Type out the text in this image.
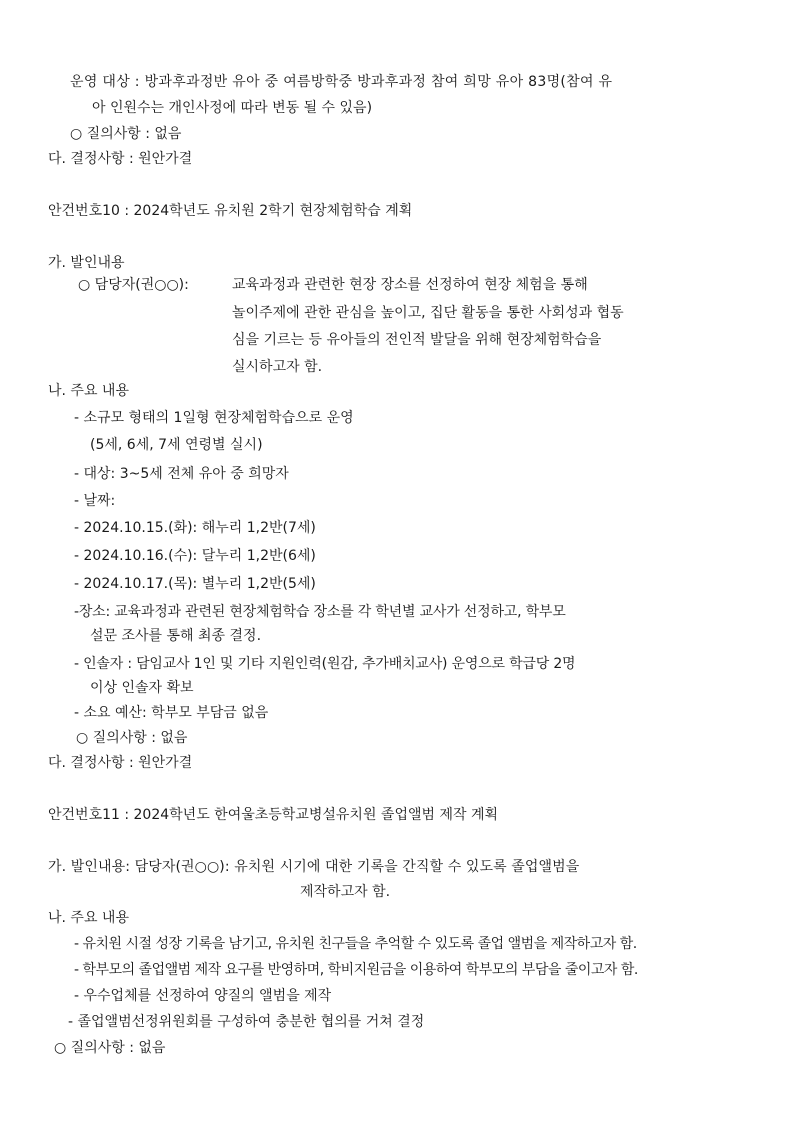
운영 대상 : 방과후과정반 유아 중 여름방학중 방과후과정 참여 희망 유아 83명(참여 유
아 인원수는 개인사정에 따라 변동 될 수 있음)
○ 질의사항 : 없음
다. 결정사항 : 원안가결
안건번호10 : 2024학년도 유치원 2학기 현장체험학습 계획
가. 발인내용
○ 담당자(권○○):	교육과정과 관련한 현장 장소를 선정하여 현장 체험을 통해
놀이주제에 관한 관심을 높이고, 집단 활동을 통한 사회성과 협동
심을 기르는 등 유아들의 전인적 발달을 위해 현장체험학습을
실시하고자 함.
나. 주요 내용
- 소규모 형태의 1일형 현장체험학습으로 운영
(5세, 6세, 7세 연령별 실시)
- 대상: 3~5세 전체 유아 중 희망자
- 날짜:
- 2024.10.15.(화): 해누리 1,2반(7세)
- 2024.10.16.(수): 달누리 1,2반(6세)
- 2024.10.17.(목): 별누리 1,2반(5세)
-장소: 교육과정과 관련된 현장체험학습 장소를 각 학년별 교사가 선정하고, 학부모
설문 조사를 통해 최종 결정.
- 인솔자 : 담임교사 1인 및 기타 지원인력(원감, 추가배치교사) 운영으로 학급당 2명
이상 인솔자 확보
- 소요 예산: 학부모 부담금 없음
○ 질의사항 : 없음
다. 결정사항 : 원안가결
안건번호11 : 2024학년도 한여울초등학교병설유치원 졸업앨범 제작 계획
가. 발인내용: 담당자(권○○): 유치원 시기에 대한 기록을 간직할 수 있도록 졸업앨범을
제작하고자 함.
나. 주요 내용
- 유치원 시절 성장 기록을 남기고, 유치원 친구들을 추억할 수 있도록 졸업 앨범을 제작하고자 함.
- 학부모의 졸업앨범 제작 요구를 반영하며, 학비지원금을 이용하여 학부모의 부담을 줄이고자 함.
- 우수업체를 선정하여 양질의 앨범을 제작
- 졸업앨범선정위원회를 구성하여 충분한 협의를 거쳐 결정
○ 질의사항 : 없음
